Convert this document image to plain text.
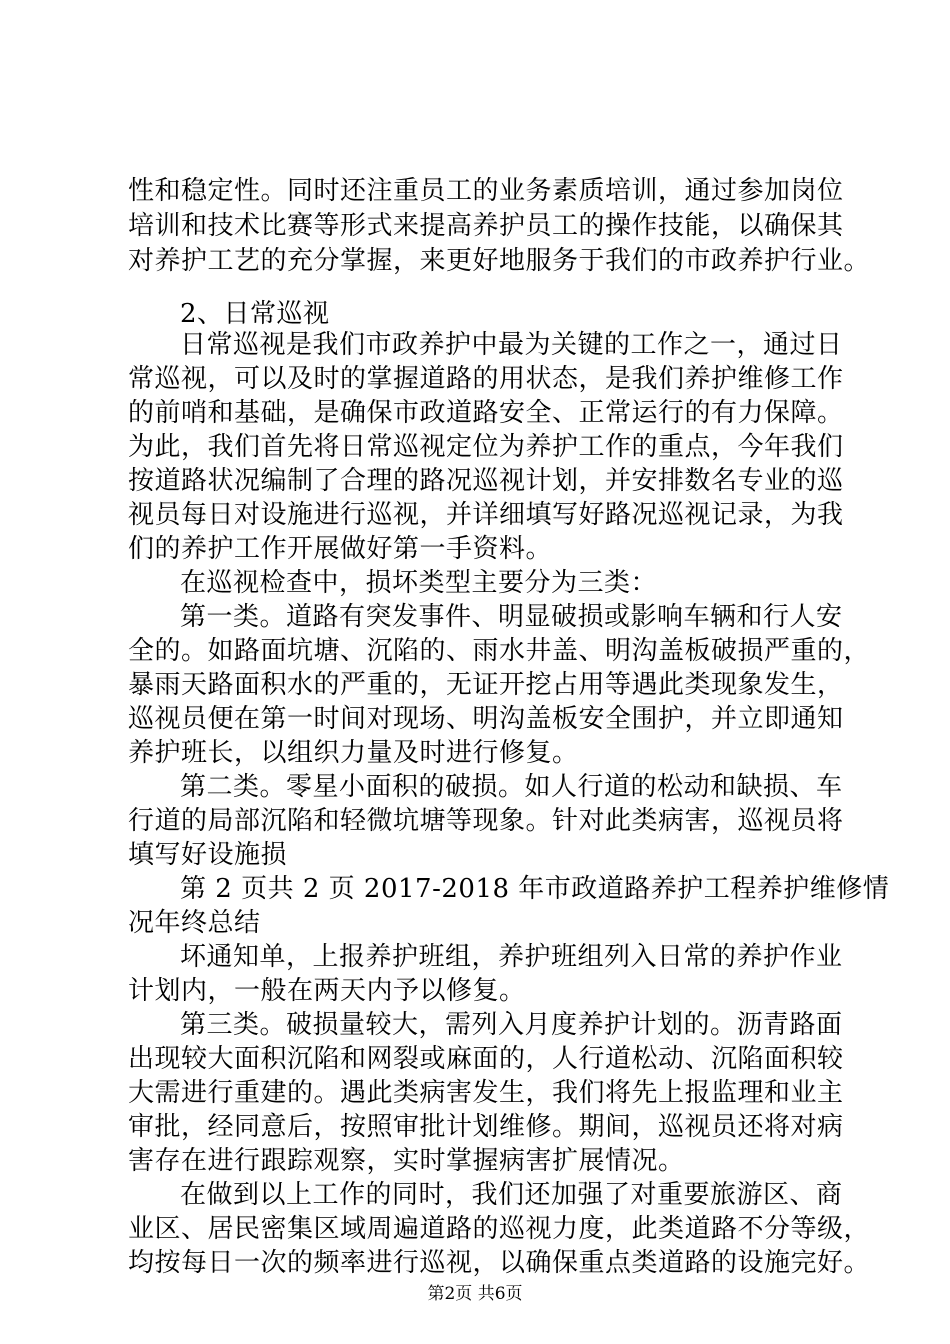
性和稳定性。同时还注重员工的业务素质培训，通过参加岗位
培训和技术比赛等形式来提高养护员工的操作技能，以确保其
对养护工艺的充分掌握，来更好地服务于我们的市政养护行业。
2、日常巡视
日常巡视是我们市政养护中最为关键的工作之一，通过日
常巡视，可以及时的掌握道路的用状态，是我们养护维修工作
的前哨和基础，是确保市政道路安全、正常运行的有力保障。
为此，我们首先将日常巡视定位为养护工作的重点，今年我们
按道路状况编制了合理的路况巡视计划，并安排数名专业的巡
视员每日对设施进行巡视，并详细填写好路况巡视记录，为我
们的养护工作开展做好第一手资料。
在巡视检查中，损坏类型主要分为三类：
第一类。道路有突发事件、明显破损或影响车辆和行人安
全的。如路面坑塘、沉陷的、雨水井盖、明沟盖板破损严重的，
暴雨天路面积水的严重的，无证开挖占用等遇此类现象发生，
巡视员便在第一时间对现场、明沟盖板安全围护，并立即通知
养护班长，以组织力量及时进行修复。
第二类。零星小面积的破损。如人行道的松动和缺损、车
行道的局部沉陷和轻微坑塘等现象。针对此类病害，巡视员将
填写好设施损
第 2 页共 2 页 2017-2018 年市政道路养护工程养护维修情
况年终总结
坏通知单，上报养护班组，养护班组列入日常的养护作业
计划内，一般在两天内予以修复。
第三类。破损量较大，需列入月度养护计划的。沥青路面
出现较大面积沉陷和网裂或麻面的，人行道松动、沉陷面积较
大需进行重建的。遇此类病害发生，我们将先上报监理和业主
审批，经同意后，按照审批计划维修。期间，巡视员还将对病
害存在进行跟踪观察，实时掌握病害扩展情况。
在做到以上工作的同时，我们还加强了对重要旅游区、商
业区、居民密集区域周遍道路的巡视力度，此类道路不分等级，
均按每日一次的频率进行巡视，以确保重点类道路的设施完好。
第2页 共6页
